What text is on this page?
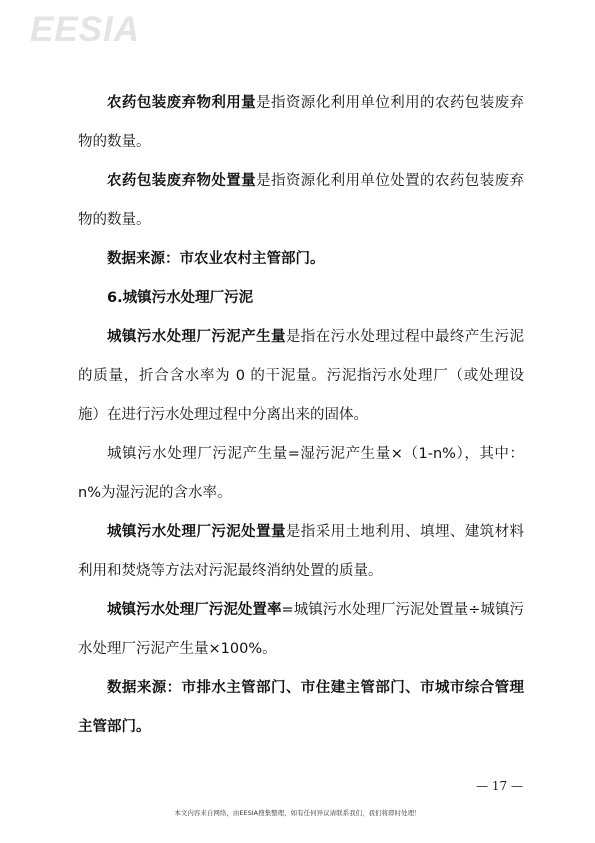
EESIA

农药包装废弃物利用量是指资源化利用单位利用的农药包装废弃物的数量。

农药包装废弃物处置量是指资源化利用单位处置的农药包装废弃物的数量。

数据来源：市农业农村主管部门。

6.城镇污水处理厂污泥

城镇污水处理厂污泥产生量是指在污水处理过程中最终产生污泥的质量，折合含水率为 0 的干泥量。污泥指污水处理厂（或处理设施）在进行污水处理过程中分离出来的固体。

城镇污水处理厂污泥产生量=湿污泥产生量×（1-n%），其中：n%为湿污泥的含水率。

城镇污水处理厂污泥处置量是指采用土地利用、填埋、建筑材料利用和焚烧等方法对污泥最终消纳处置的质量。

城镇污水处理厂污泥处置率=城镇污水处理厂污泥处置量÷城镇污水处理厂污泥产生量×100%。

数据来源：市排水主管部门、市住建主管部门、市城市综合管理主管部门。

— 17 —
本文内容来自网络，由EESIA搜集整理，如有任何异议请联系我们，我们将即时处理！
